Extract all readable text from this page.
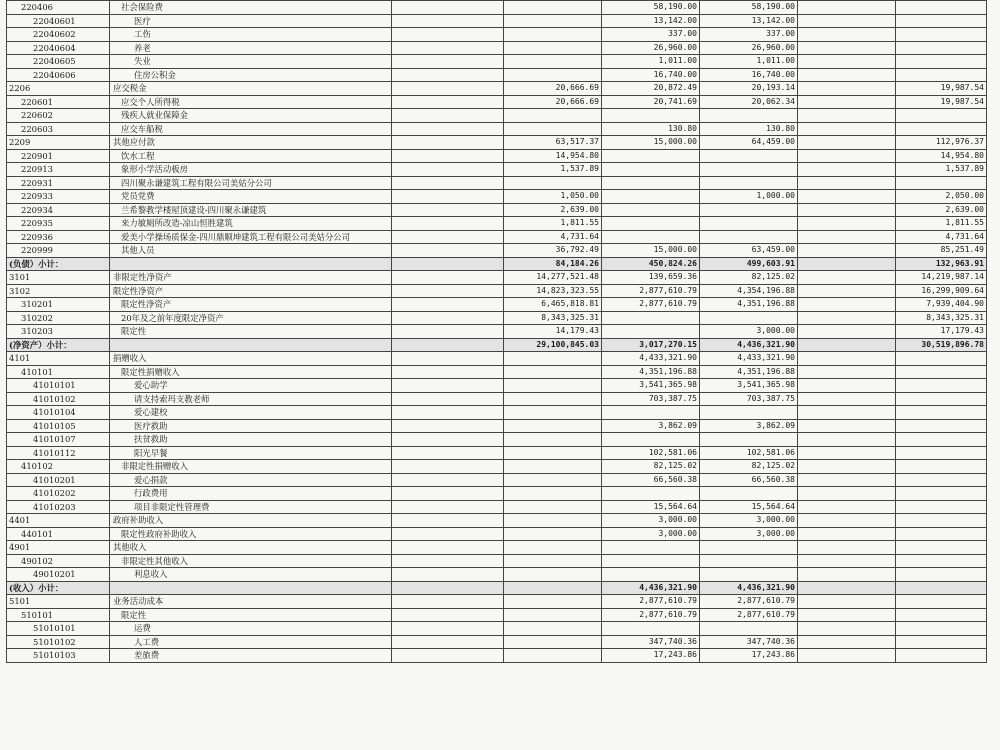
220406	社会保险费			58,190.00	58,190.00		
22040601	医疗			13,142.00	13,142.00		
22040602	工伤			337.00	337.00		
22040604	养老			26,960.00	26,960.00		
22040605	失业			1,011.00	1,011.00		
22040606	住房公积金			16,740.00	16,740.00		
2206	应交税金		20,666.69	20,872.49	20,193.14		19,987.54
220601	应交个人所得税		20,666.69	20,741.69	20,062.34		19,987.54
220602	残疾人就业保障金						
220603	应交车船税			130.80	130.80		
2209	其他应付款		63,517.37	15,000.00	64,459.00		112,976.37
220901	饮水工程		14,954.80				14,954.80
220913	象形小学活动板房		1,537.89				1,537.89
220931	四川聚永谦建筑工程有限公司美姑分公司						
220933	党员党费		1,050.00		1,000.00		2,050.00
220934	兰希黎教学楼屋顶建设-四川聚永谦建筑		2,639.00				2,639.00
220935	来力敏厕所改造-凉山恒胜建筑		1,811.55				1,811.55
220936	爱美小学操场质保金-四川鼎顺坤建筑工程有限公司美姑分公司		4,731.64				4,731.64
220999	其他人员		36,792.49	15,000.00	63,459.00		85,251.49
(负债）小计：			84,184.26	450,824.26	499,603.91		132,963.91
3101	非限定性净资产		14,277,521.48	139,659.36	82,125.02		14,219,987.14
3102	限定性净资产		14,823,323.55	2,877,610.79	4,354,196.88		16,299,909.64
310201	限定性净资产		6,465,818.81	2,877,610.79	4,351,196.88		7,939,404.90
310202	20年及之前年度限定净资产		8,343,325.31				8,343,325.31
310203	限定性		14,179.43		3,000.00		17,179.43
(净资产）小计：			29,100,845.03	3,017,270.15	4,436,321.90		30,519,896.78
4101	捐赠收入			4,433,321.90	4,433,321.90		
410101	限定性捐赠收入			4,351,196.88	4,351,196.88		
41010101	爱心助学			3,541,365.98	3,541,365.98		
41010102	请支持索玛支教老师			703,387.75	703,387.75		
41010104	爱心建校						
41010105	医疗救助			3,862.09	3,862.09		
41010107	扶贫救助						
41010112	阳光早餐			102,581.06	102,581.06		
410102	非限定性捐赠收入			82,125.02	82,125.02		
41010201	爱心捐款			66,560.38	66,560.38		
41010202	行政费用						
41010203	项目非限定性管理费			15,564.64	15,564.64		
4401	政府补助收入			3,000.00	3,000.00		
440101	限定性政府补助收入			3,000.00	3,000.00		
4901	其他收入						
490102	非限定性其他收入						
49010201	利息收入						
(收入）小计：				4,436,321.90	4,436,321.90		
5101	业务活动成本			2,877,610.79	2,877,610.79		
510101	限定性			2,877,610.79	2,877,610.79		
51010101	运费						
51010102	人工费			347,740.36	347,740.36		
51010103	差旅费			17,243.86	17,243.86		
